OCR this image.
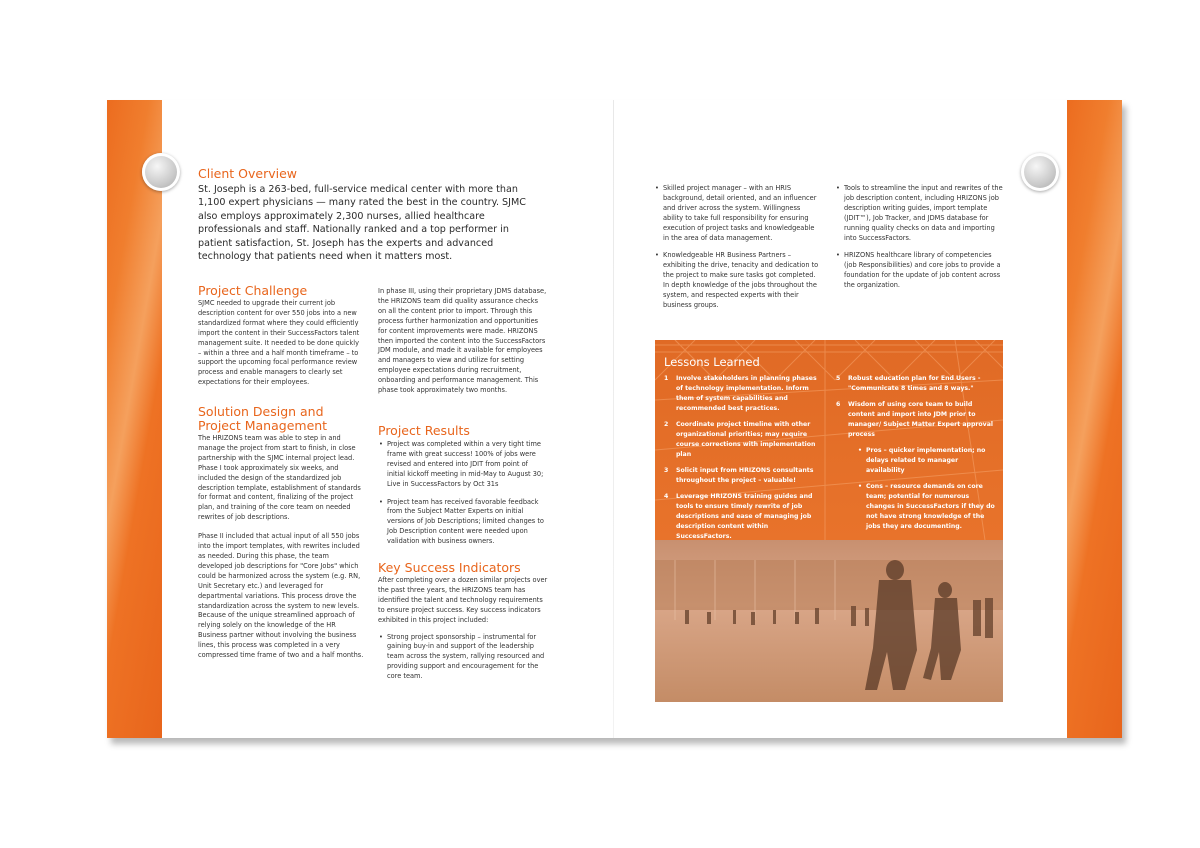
Client Overview

St. Joseph is a 263-bed, full-service medical center with more than 1,100 expert physicians — many rated the best in the country. SJMC also employs approximately 2,300 nurses, allied healthcare professionals and staff. Nationally ranked and a top performer in patient satisfaction, St. Joseph has the experts and advanced technology that patients need when it matters most.

Project Challenge

SJMC needed to upgrade their current job description content for over 550 jobs into a new standardized format where they could efficiently import the content in their SuccessFactors talent management suite. It needed to be done quickly – within a three and a half month timeframe – to support the upcoming focal performance review process and enable managers to clearly set expectations for their employees.

Solution Design and
Project Management

The HRIZONS team was able to step in and manage the project from start to finish, in close partnership with the SJMC internal project lead. Phase I took approximately six weeks, and included the design of the standardized job description template, establishment of standards for format and content, finalizing of the project plan, and training of the core team on needed rewrites of job descriptions.

Phase II included that actual input of all 550 jobs into the import templates, with rewrites included as needed. During this phase, the team developed job descriptions for "Core Jobs" which could be harmonized across the system (e.g. RN, Unit Secretary etc.) and leveraged for departmental variations. This process drove the standardization across the system to new levels. Because of the unique streamlined approach of relying solely on the knowledge of the HR Business partner without involving the business lines, this process was completed in a very compressed time frame of two and a half months.

In phase III, using their proprietary JDMS database, the HRIZONS team did quality assurance checks on all the content prior to import. Through this process further harmonization and opportunities for content improvements were made. HRIZONS then imported the content into the SuccessFactors JDM module, and made it available for employees and managers to view and utilize for setting employee expectations during recruitment, onboarding and performance management. This phase took approximately two months.

Project Results
• Project was completed within a very tight time frame with great success! 100% of jobs were revised and entered into JDIT from point of initial kickoff meeting in mid-May to August 30; Live in SuccessFactors by Oct 31s
• Project team has received favorable feedback from the Subject Matter Experts on initial versions of Job Descriptions; limited changes to Job Description content were needed upon validation with business owners.
Key Success Indicators

After completing over a dozen similar projects over the past three years, the HRIZONS team has identified the talent and technology requirements to ensure project success. Key success indicators exhibited in this project included:

• Strong project sponsorship – instrumental for gaining buy-in and support of the leadership team across the system, rallying resourced and providing support and encouragement for the core team.
• Skilled project manager – with an HRIS background, detail oriented, and an influencer and driver across the system. Willingness ability to take full responsibility for ensuring execution of project tasks and knowledgeable in the area of data management.
• Knowledgeable HR Business Partners – exhibiting the drive, tenacity and dedication to the project to make sure tasks got completed. In depth knowledge of the jobs throughout the system, and respected experts with their business groups.
• Tools to streamline the input and rewrites of the job description content, including HRIZONS job description writing guides, import template (JDIT™), Job Tracker, and JDMS database for running quality checks on data and importing into SuccessFactors.
• HRIZONS healthcare library of competencies (job Responsibilities) and core jobs to provide a foundation for the update of job content across the organization.
Lessons Learned
1 Involve stakeholders in planning phases of technology implementation. Inform them of system capabilities and recommended best practices.
2 Coordinate project timeline with other organizational priorities; may require course corrections with implementation plan
3 Solicit input from HRIZONS consultants throughout the project – valuable!
4 Leverage HRIZONS training guides and tools to ensure timely rewrite of job descriptions and ease of managing job description content within SuccessFactors.
5 Robust education plan for End Users - "Communicate 8 times and 8 ways."
6 Wisdom of using core team to build content and import into JDM prior to manager/ Subject Matter Expert approval process
• Pros – quicker implementation; no delays related to manager availability
• Cons – resource demands on core team; potential for numerous changes in SuccessFactors if they do not have strong knowledge of the jobs they are documenting.
